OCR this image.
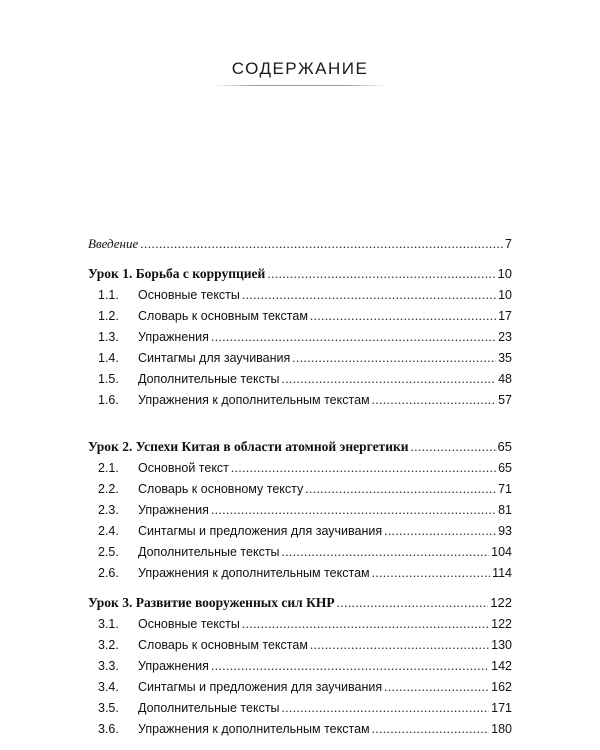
СОДЕРЖАНИЕ
Введение .....	7
Урок 1. Борьба с коррупцией .....	10
1.1.	Основные тексты .....	10
1.2.	Словарь к основным текстам .....	17
1.3.	Упражнения .....	23
1.4.	Синтагмы для заучивания .....	35
1.5.	Дополнительные тексты .....	48
1.6.	Упражнения к дополнительным текстам .....	57
Урок 2. Успехи Китая в области атомной энергетики .....	65
2.1.	Основной текст .....	65
2.2.	Словарь к основному тексту .....	71
2.3.	Упражнения .....	81
2.4.	Синтагмы и предложения для заучивания .....	93
2.5.	Дополнительные тексты .....	104
2.6.	Упражнения к дополнительным текстам .....	114
Урок 3. Развитие вооруженных сил КНР .....	122
3.1.	Основные тексты .....	122
3.2.	Словарь к основным текстам .....	130
3.3.	Упражнения .....	142
3.4.	Синтагмы и предложения для заучивания .....	162
3.5.	Дополнительные тексты .....	171
3.6.	Упражнения к дополнительным текстам .....	180
